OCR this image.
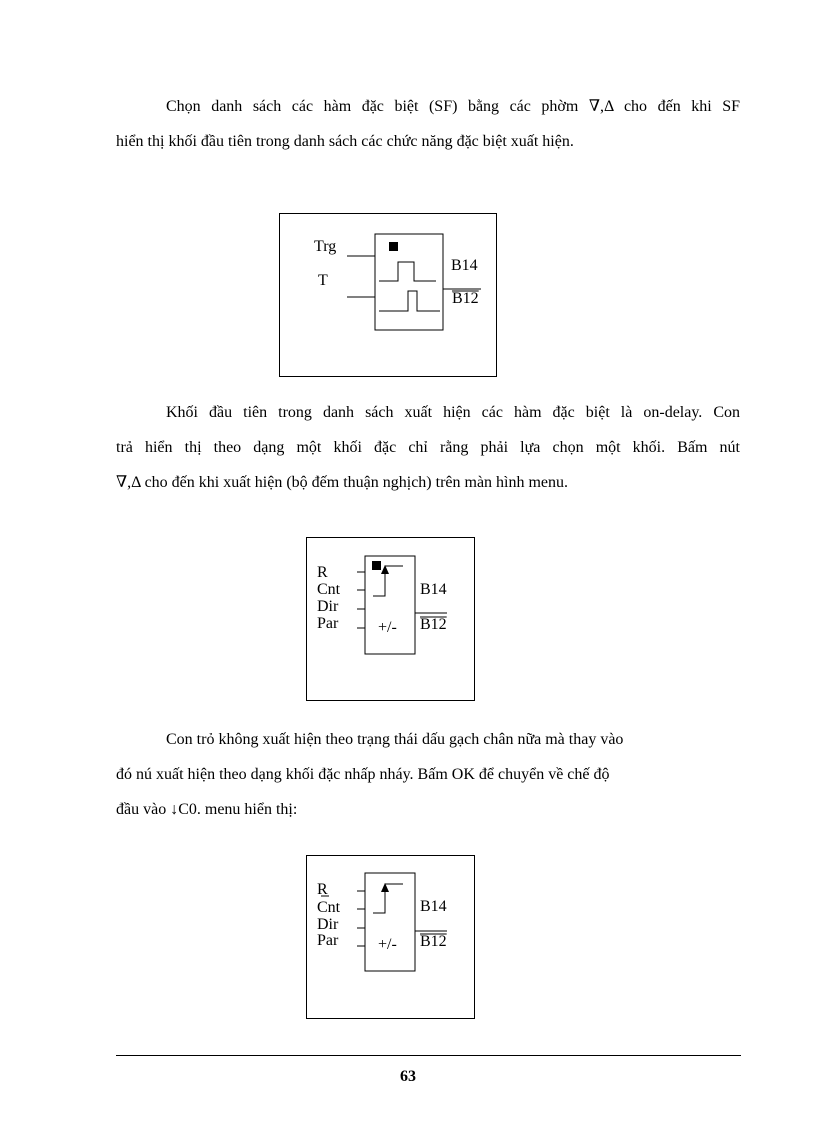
Chọn danh sách các hàm đặc biệt (SF) bằng các phờm ∇,Δ cho đến khi SF
hiển thị khối đầu tiên trong danh sách các chức năng đặc biệt xuất hiện.
Trg
T
B14
B12
Khối đầu tiên trong danh sách xuất hiện các hàm đặc biệt là on-delay. Con
trả hiển thị theo dạng một khối đặc chỉ rằng phải lựa chọn một khối. Bấm nút
∇,Δ cho đến khi xuất hiện (bộ đếm thuận nghịch) trên màn hình menu.
R
Cnt
Dir
Par +/-
B14
B12
Con trỏ không xuất hiện theo trạng thái dấu gạch chân nữa mà thay vào
đó nú xuất hiện theo dạng khối đặc nhấp nháy. Bấm OK để chuyển về chế độ
đầu vào ↓C0. menu hiển thị:
R
Cnt
Dir
Par +/-
B14
B12
63
